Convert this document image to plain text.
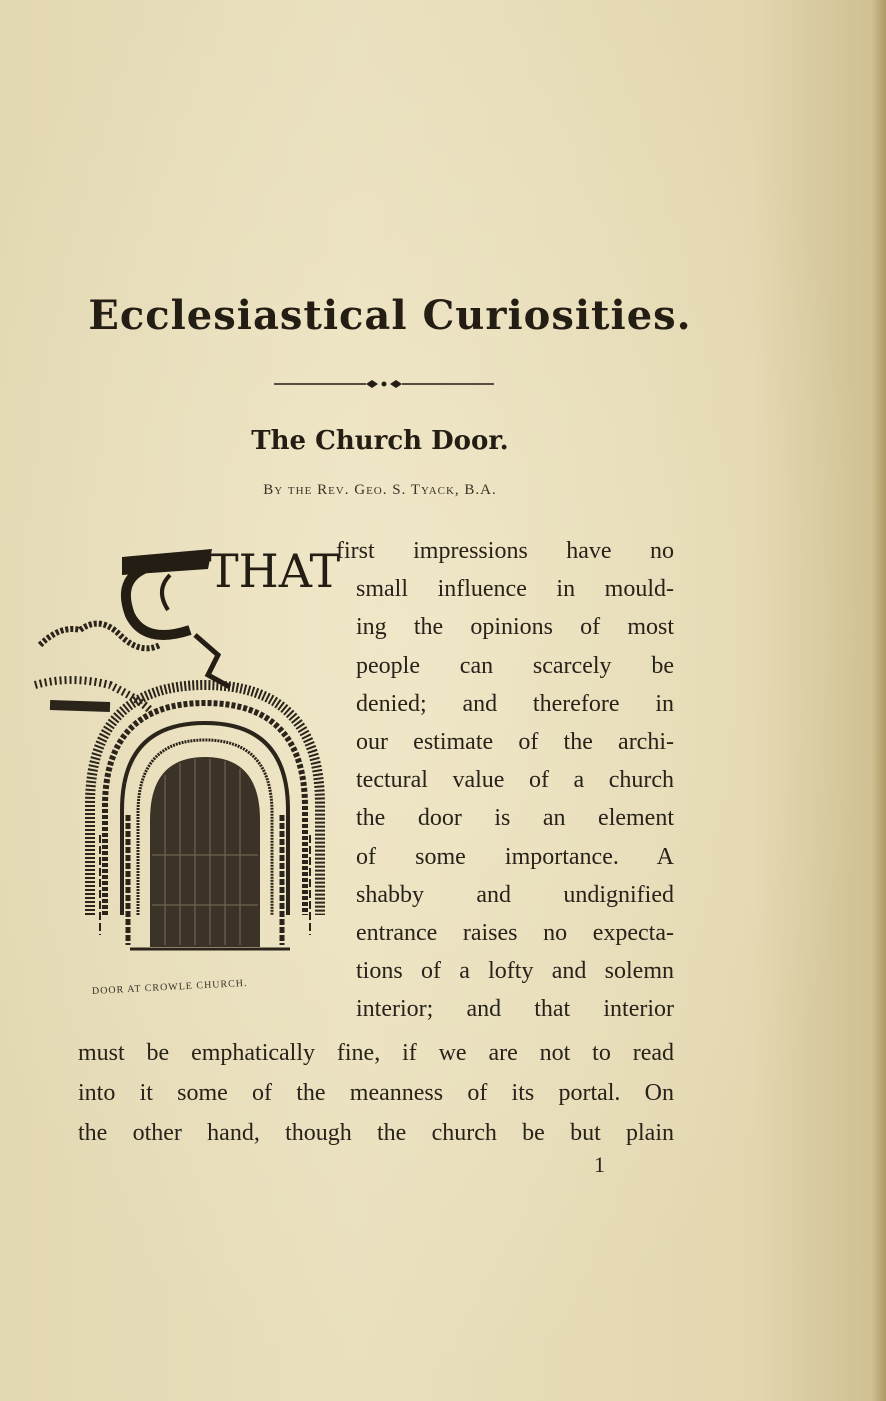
Ecclesiastical Curiosities.
The Church Door.
By the Rev. Geo. S. Tyack, B.A.
THAT
DOOR AT CROWLE CHURCH.
first impressions have no
small influence in mould-
ing the opinions of most
people can scarcely be
denied; and therefore in
our estimate of the archi-
tectural value of a church
the door is an element
of some importance. A
shabby and undignified
entrance raises no expecta-
tions of a lofty and solemn
interior; and that interior
must be emphatically fine, if we are not to read
into it some of the meanness of its portal. On
the other hand, though the church be but plain
1
